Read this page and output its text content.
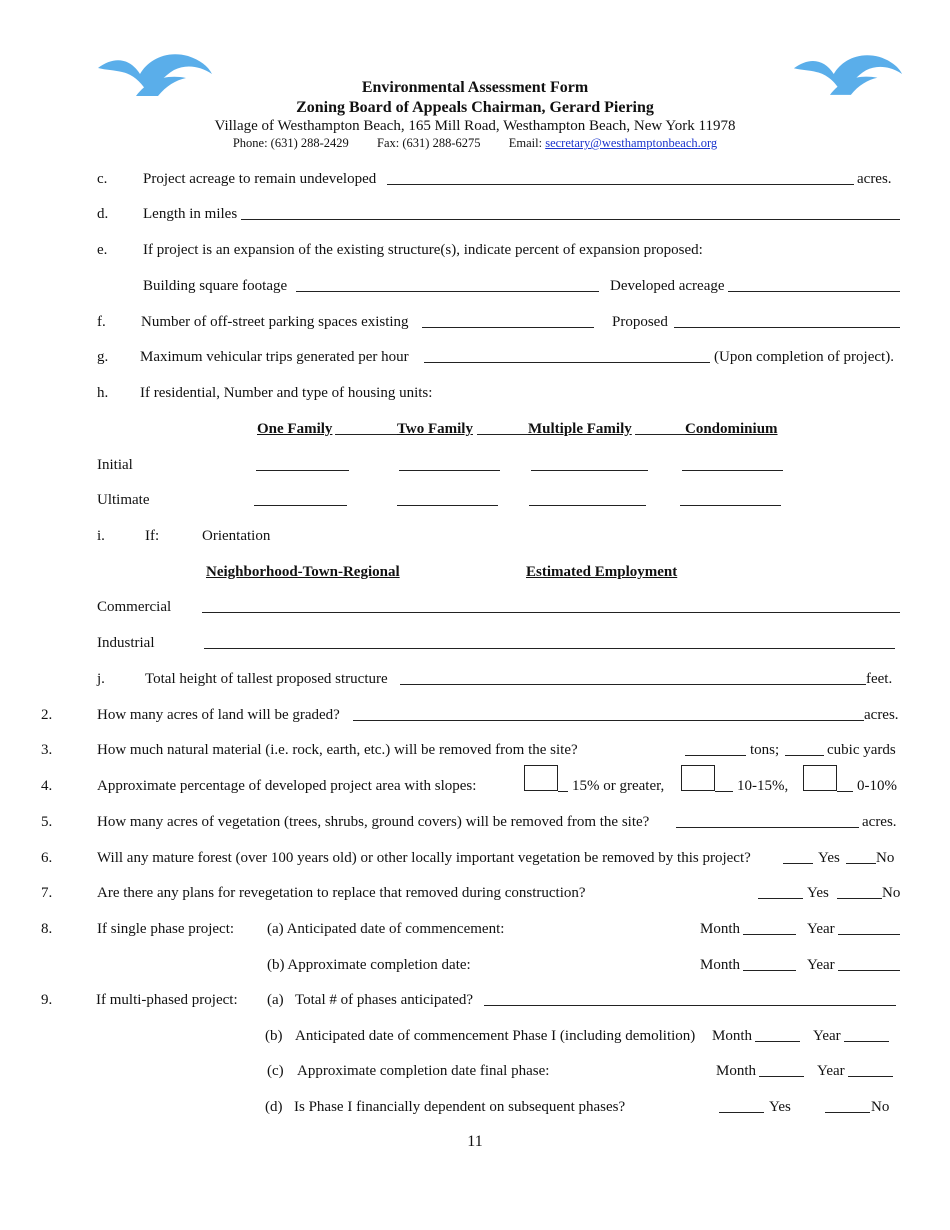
Environmental Assessment Form
Zoning Board of Appeals Chairman, Gerard Piering
Village of Westhampton Beach, 165 Mill Road, Westhampton Beach, New York 11978
Phone: (631) 288-2429 Fax: (631) 288-6275 Email: secretary@westhamptonbeach.org
c. Project acreage to remain undeveloped	acres.
d. Length in miles
e. If project is an expansion of the existing structure(s), indicate percent of expansion proposed:
Building square footage	Developed acreage
f. Number of off-street parking spaces existing	Proposed
g. Maximum vehicular trips generated per hour	(Upon completion of project).
h. If residential, Number and type of housing units:
One Family	Two Family	Multiple Family	Condominium
Initial
Ultimate
i.	If:	Orientation
Neighborhood-Town-Regional	Estimated Employment
Commercial
Industrial
j.	Total height of tallest proposed structure	feet.
2.	How many acres of land will be graded?	acres.
3.	How much natural material (i.e. rock, earth, etc.) will be removed from the site?	tons;	cubic yards
4.	Approximate percentage of developed project area with slopes:	15% or greater,	10-15%,	0-10%
5.	How many acres of vegetation (trees, shrubs, ground covers) will be removed from the site?	acres.
6.	Will any mature forest (over 100 years old) or other locally important vegetation be removed by this project?	Yes No
7.	Are there any plans for revegetation to replace that removed during construction?	Yes	No
8.	If single phase project: (a) Anticipated date of commencement:	Month	Year
(b) Approximate completion date:	Month	Year
9.	If multi-phased project: (a) Total # of phases anticipated?
(b) Anticipated date of commencement Phase I (including demolition) Month	Year
(c) Approximate completion date final phase:	Month	Year
(d) Is Phase I financially dependent on subsequent phases?	Yes	No
11
